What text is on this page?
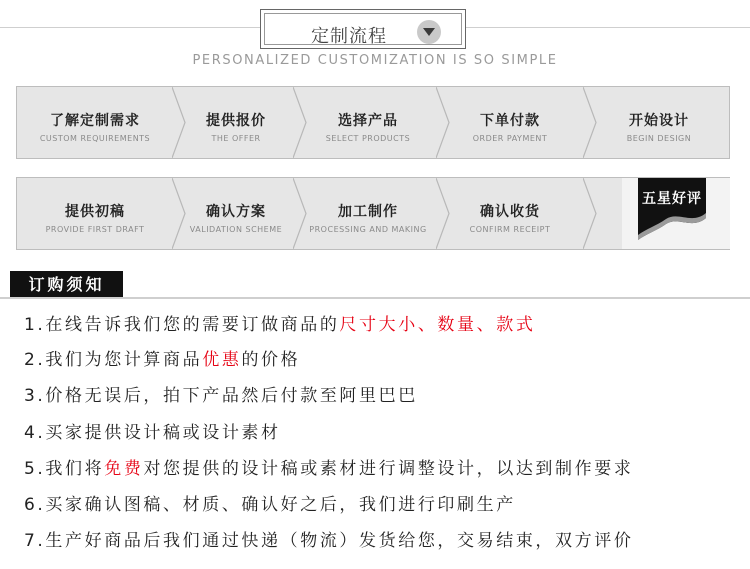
定制流程
PERSONALIZED CUSTOMIZATION IS SO SIMPLE
了解定制需求
CUSTOM REQUIREMENTS
提供报价
THE OFFER
选择产品
SELECT PRODUCTS
下单付款
ORDER PAYMENT
开始设计
BEGIN DESIGN
提供初稿
PROVIDE FIRST DRAFT
确认方案
VALIDATION SCHEME
加工制作
PROCESSING AND MAKING
确认收货
CONFIRM RECEIPT
五星好评
订购须知
1.在线告诉我们您的需要订做商品的尺寸大小、数量、款式
2.我们为您计算商品优惠的价格
3.价格无误后，拍下产品然后付款至阿里巴巴
4.买家提供设计稿或设计素材
5.我们将免费对您提供的设计稿或素材进行调整设计，以达到制作要求
6.买家确认图稿、材质、确认好之后，我们进行印刷生产
7.生产好商品后我们通过快递（物流）发货给您，交易结束，双方评价
